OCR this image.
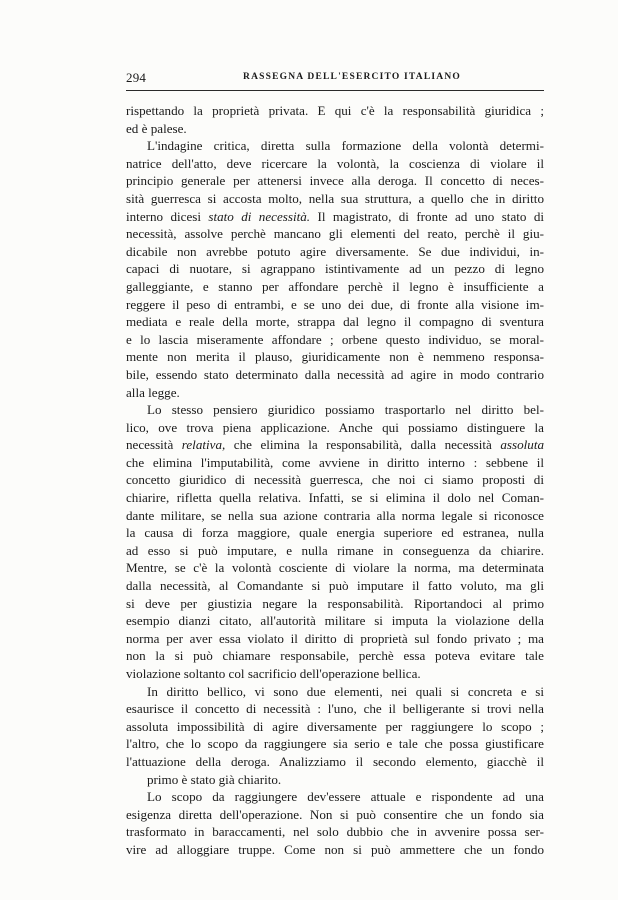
294	RASSEGNA DELL'ESERCITO ITALIANO
rispettando la proprietà privata. E qui c'è la responsabilità giuridica ;
ed è palese.
L'indagine critica, diretta sulla formazione della volontà determi-
natrice dell'atto, deve ricercare la volontà, la coscienza di violare il
principio generale per attenersi invece alla deroga. Il concetto di neces-
sità guerresca si accosta molto, nella sua struttura, a quello che in diritto
interno dicesi stato di necessità. Il magistrato, di fronte ad uno stato di
necessità, assolve perchè mancano gli elementi del reato, perchè il giu-
dicabile non avrebbe potuto agire diversamente. Se due individui, in-
capaci di nuotare, si agrappano istintivamente ad un pezzo di legno
galleggiante, e stanno per affondare perchè il legno è insufficiente a
reggere il peso di entrambi, e se uno dei due, di fronte alla visione im-
mediata e reale della morte, strappa dal legno il compagno di sventura
e lo lascia miseramente affondare ; orbene questo individuo, se moral-
mente non merita il plauso, giuridicamente non è nemmeno responsa-
bile, essendo stato determinato dalla necessità ad agire in modo contrario
alla legge.
Lo stesso pensiero giuridico possiamo trasportarlo nel diritto bel-
lico, ove trova piena applicazione. Anche qui possiamo distinguere la
necessità relativa, che elimina la responsabilità, dalla necessità assoluta
che elimina l'imputabilità, come avviene in diritto interno : sebbene il
concetto giuridico di necessità guerresca, che noi ci siamo proposti di
chiarire, rifletta quella relativa. Infatti, se si elimina il dolo nel Coman-
dante militare, se nella sua azione contraria alla norma legale si riconosce
la causa di forza maggiore, quale energia superiore ed estranea, nulla
ad esso si può imputare, e nulla rimane in conseguenza da chiarire.
Mentre, se c'è la volontà cosciente di violare la norma, ma determinata
dalla necessità, al Comandante si può imputare il fatto voluto, ma gli
si deve per giustizia negare la responsabilità. Riportandoci al primo
esempio dianzi citato, all'autorità militare si imputa la violazione della
norma per aver essa violato il diritto di proprietà sul fondo privato ; ma
non la si può chiamare responsabile, perchè essa poteva evitare tale
violazione soltanto col sacrificio dell'operazione bellica.
In diritto bellico, vi sono due elementi, nei quali si concreta e si
esaurisce il concetto di necessità : l'uno, che il belligerante si trovi nella
assoluta impossibilità di agire diversamente per raggiungere lo scopo ;
l'altro, che lo scopo da raggiungere sia serio e tale che possa giustificare
l'attuazione della deroga. Analizziamo il secondo elemento, giacchè il
primo è stato già chiarito.
Lo scopo da raggiungere dev'essere attuale e rispondente ad una
esigenza diretta dell'operazione. Non si può consentire che un fondo sia
trasformato in baraccamenti, nel solo dubbio che in avvenire possa ser-
vire ad alloggiare truppe. Come non si può ammettere che un fondo
